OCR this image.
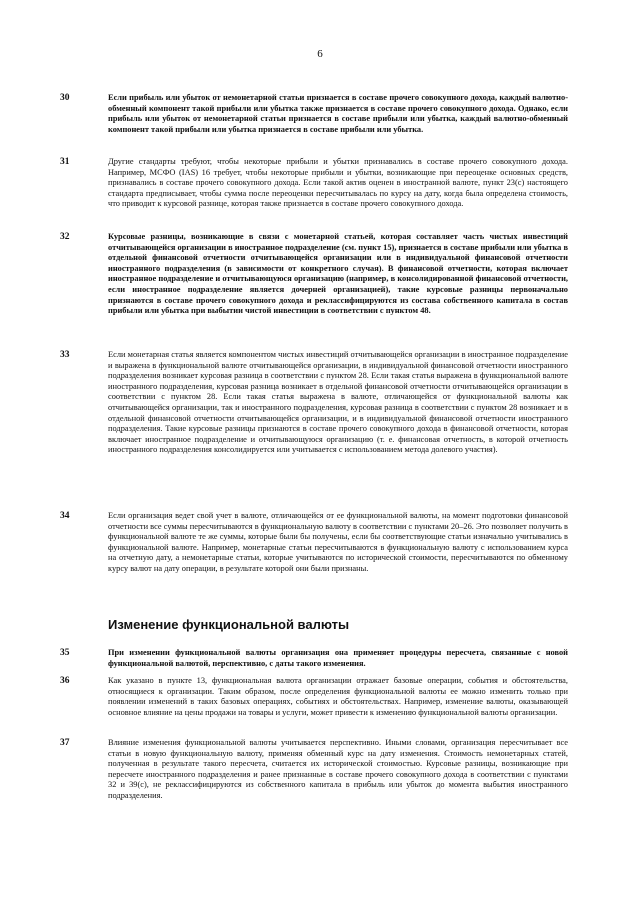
6
30	Если прибыль или убыток от немонетарной статьи признается в составе прочего совокупного дохода, каждый валютно-обменный компонент такой прибыли или убытка также признается в составе прочего совокупного дохода. Однако, если прибыль или убыток от немонетарной статьи признается в составе прибыли или убытка, каждый валютно-обменный компонент такой прибыли или убытка признается в составе прибыли или убытка.
31	Другие стандарты требуют, чтобы некоторые прибыли и убытки признавались в составе прочего совокупного дохода. Например, МСФО (IAS) 16 требует, чтобы некоторые прибыли и убытки, возникающие при переоценке основных средств, признавались в составе прочего совокупного дохода. Если такой актив оценен в иностранной валюте, пункт 23(с) настоящего стандарта предписывает, чтобы сумма после переоценки пересчитывалась по курсу на дату, когда была определена стоимость, что приводит к курсовой разнице, которая также признается в составе прочего совокупного дохода.
32	Курсовые разницы, возникающие в связи с монетарной статьей, которая составляет часть чистых инвестиций отчитывающейся организации в иностранное подразделение (см. пункт 15), признается в составе прибыли или убытка в отдельной финансовой отчетности отчитывающейся организации или в индивидуальной финансовой отчетности иностранного подразделения (в зависимости от конкретного случая). В финансовой отчетности, которая включает иностранное подразделение и отчитывающуюся организацию (например, в консолидированной финансовой отчетности, если иностранное подразделение является дочерней организацией), такие курсовые разницы первоначально признаются в составе прочего совокупного дохода и реклассифицируются из состава собственного капитала в состав прибыли или убытка при выбытии чистой инвестиции в соответствии с пунктом 48.
33	Если монетарная статья является компонентом чистых инвестиций отчитывающейся организации в иностранное подразделение и выражена в функциональной валюте отчитывающейся организации, в индивидуальной финансовой отчетности иностранного подразделения возникает курсовая разница в соответствии с пунктом 28. Если такая статья выражена в функциональной валюте иностранного подразделения, курсовая разница возникает в отдельной финансовой отчетности отчитывающейся организации в соответствии с пунктом 28. Если такая статья выражена в валюте, отличающейся от функциональной валюты как отчитывающейся организации, так и иностранного подразделения, курсовая разница в соответствии с пунктом 28 возникает и в отдельной финансовой отчетности отчитывающейся организации, и в индивидуальной финансовой отчетности иностранного подразделения. Такие курсовые разницы признаются в составе прочего совокупного дохода в финансовой отчетности, которая включает иностранное подразделение и отчитывающуюся организацию (т. е. финансовая отчетность, в которой отчетность иностранного подразделения консолидируется или учитывается с использованием метода долевого участия).
34	Если организация ведет свой учет в валюте, отличающейся от ее функциональной валюты, на момент подготовки финансовой отчетности все суммы пересчитываются в функциональную валюту в соответствии с пунктами 20–26. Это позволяет получить в функциональной валюте те же суммы, которые были бы получены, если бы соответствующие статьи изначально учитывались в функциональной валюте. Например, монетарные статьи пересчитываются в функциональную валюту с использованием курса на отчетную дату, а немонетарные статьи, которые учитываются по исторической стоимости, пересчитываются по обменному курсу валют на дату операции, в результате которой они были признаны.
Изменение функциональной валюты
35	При изменении функциональной валюты организация она применяет процедуры пересчета, связанные с новой функциональной валютой, перспективно, с даты такого изменения.
36	Как указано в пункте 13, функциональная валюта организации отражает базовые операции, события и обстоятельства, относящиеся к организации. Таким образом, после определения функциональной валюты ее можно изменить только при появлении изменений в таких базовых операциях, событиях и обстоятельствах. Например, изменение валюты, оказывающей основное влияние на цены продажи на товары и услуги, может привести к изменению функциональной валюты организации.
37	Влияние изменения функциональной валюты учитывается перспективно. Иными словами, организация пересчитывает все статьи в новую функциональную валюту, применяя обменный курс на дату изменения. Стоимость немонетарных статей, полученная в результате такого пересчета, считается их исторической стоимостью. Курсовые разницы, возникающие при пересчете иностранного подразделения и ранее признанные в составе прочего совокупного дохода в соответствии с пунктами 32 и 39(с), не реклассифицируются из собственного капитала в прибыль или убыток до момента выбытия иностранного подразделения.
